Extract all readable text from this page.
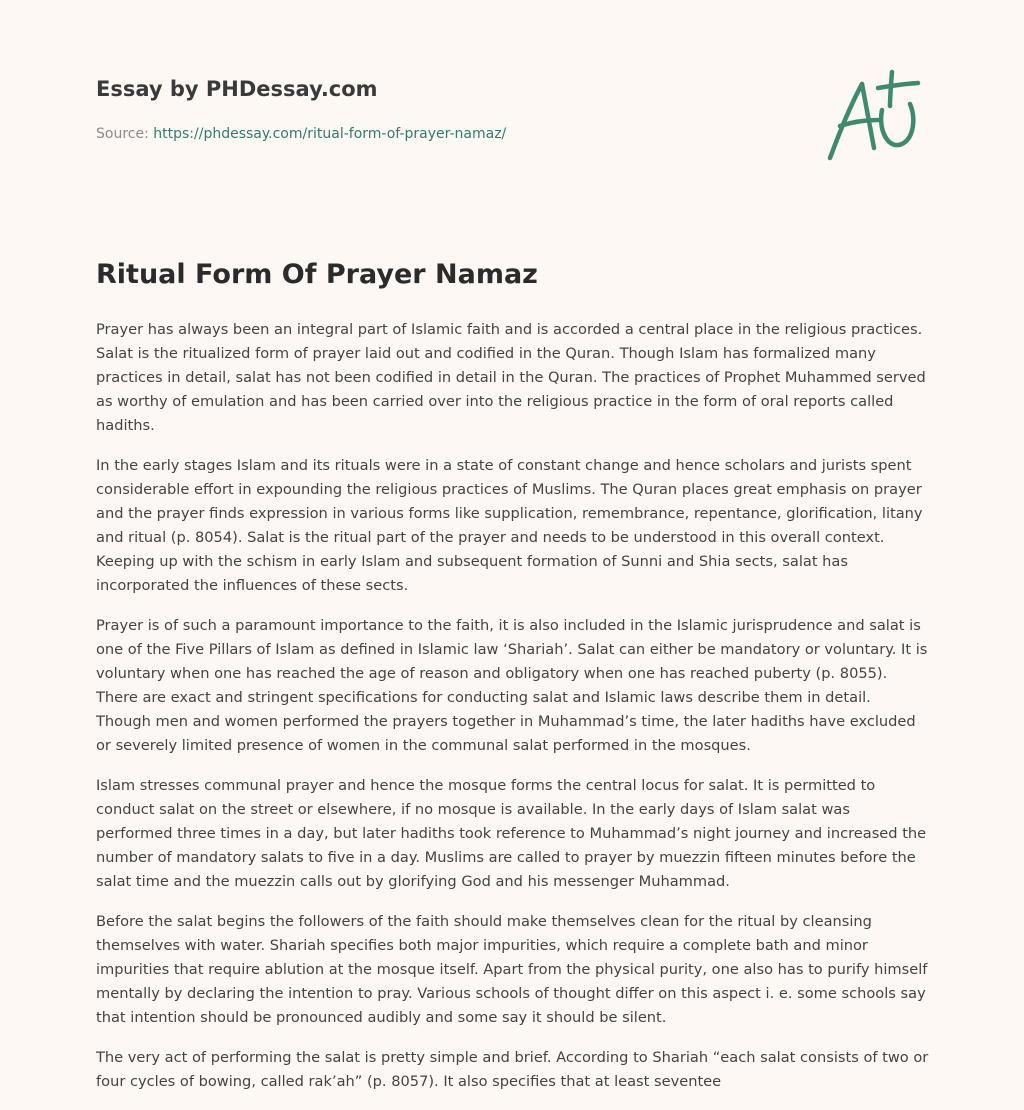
Essay by PHDessay.com
Source: https://phdessay.com/ritual-form-of-prayer-namaz/
Ritual Form Of Prayer Namaz

Prayer has always been an integral part of Islamic faith and is accorded a central place in the religious practices. Salat is the ritualized form of prayer laid out and codified in the Quran. Though Islam has formalized many practices in detail, salat has not been codified in detail in the Quran. The practices of Prophet Muhammed served as worthy of emulation and has been carried over into the religious practice in the form of oral reports called hadiths.

In the early stages Islam and its rituals were in a state of constant change and hence scholars and jurists spent considerable effort in expounding the religious practices of Muslims. The Quran places great emphasis on prayer and the prayer finds expression in various forms like supplication, remembrance, repentance, glorification, litany and ritual (p. 8054). Salat is the ritual part of the prayer and needs to be understood in this overall context. Keeping up with the schism in early Islam and subsequent formation of Sunni and Shia sects, salat has incorporated the influences of these sects.

Prayer is of such a paramount importance to the faith, it is also included in the Islamic jurisprudence and salat is one of the Five Pillars of Islam as defined in Islamic law ‘Shariah’. Salat can either be mandatory or voluntary. It is voluntary when one has reached the age of reason and obligatory when one has reached puberty (p. 8055). There are exact and stringent specifications for conducting salat and Islamic laws describe them in detail. Though men and women performed the prayers together in Muhammad’s time, the later hadiths have excluded or severely limited presence of women in the communal salat performed in the mosques.

Islam stresses communal prayer and hence the mosque forms the central locus for salat. It is permitted to conduct salat on the street or elsewhere, if no mosque is available. In the early days of Islam salat was performed three times in a day, but later hadiths took reference to Muhammad’s night journey and increased the number of mandatory salats to five in a day. Muslims are called to prayer by muezzin fifteen minutes before the salat time and the muezzin calls out by glorifying God and his messenger Muhammad.

Before the salat begins the followers of the faith should make themselves clean for the ritual by cleansing themselves with water. Shariah specifies both major impurities, which require a complete bath and minor impurities that require ablution at the mosque itself. Apart from the physical purity, one also has to purify himself mentally by declaring the intention to pray. Various schools of thought differ on this aspect i. e. some schools say that intention should be pronounced audibly and some say it should be silent.

The very act of performing the salat is pretty simple and brief. According to Shariah “each salat consists of two or four cycles of bowing, called rak’ah” (p. 8057). It also specifies that at least seventee
